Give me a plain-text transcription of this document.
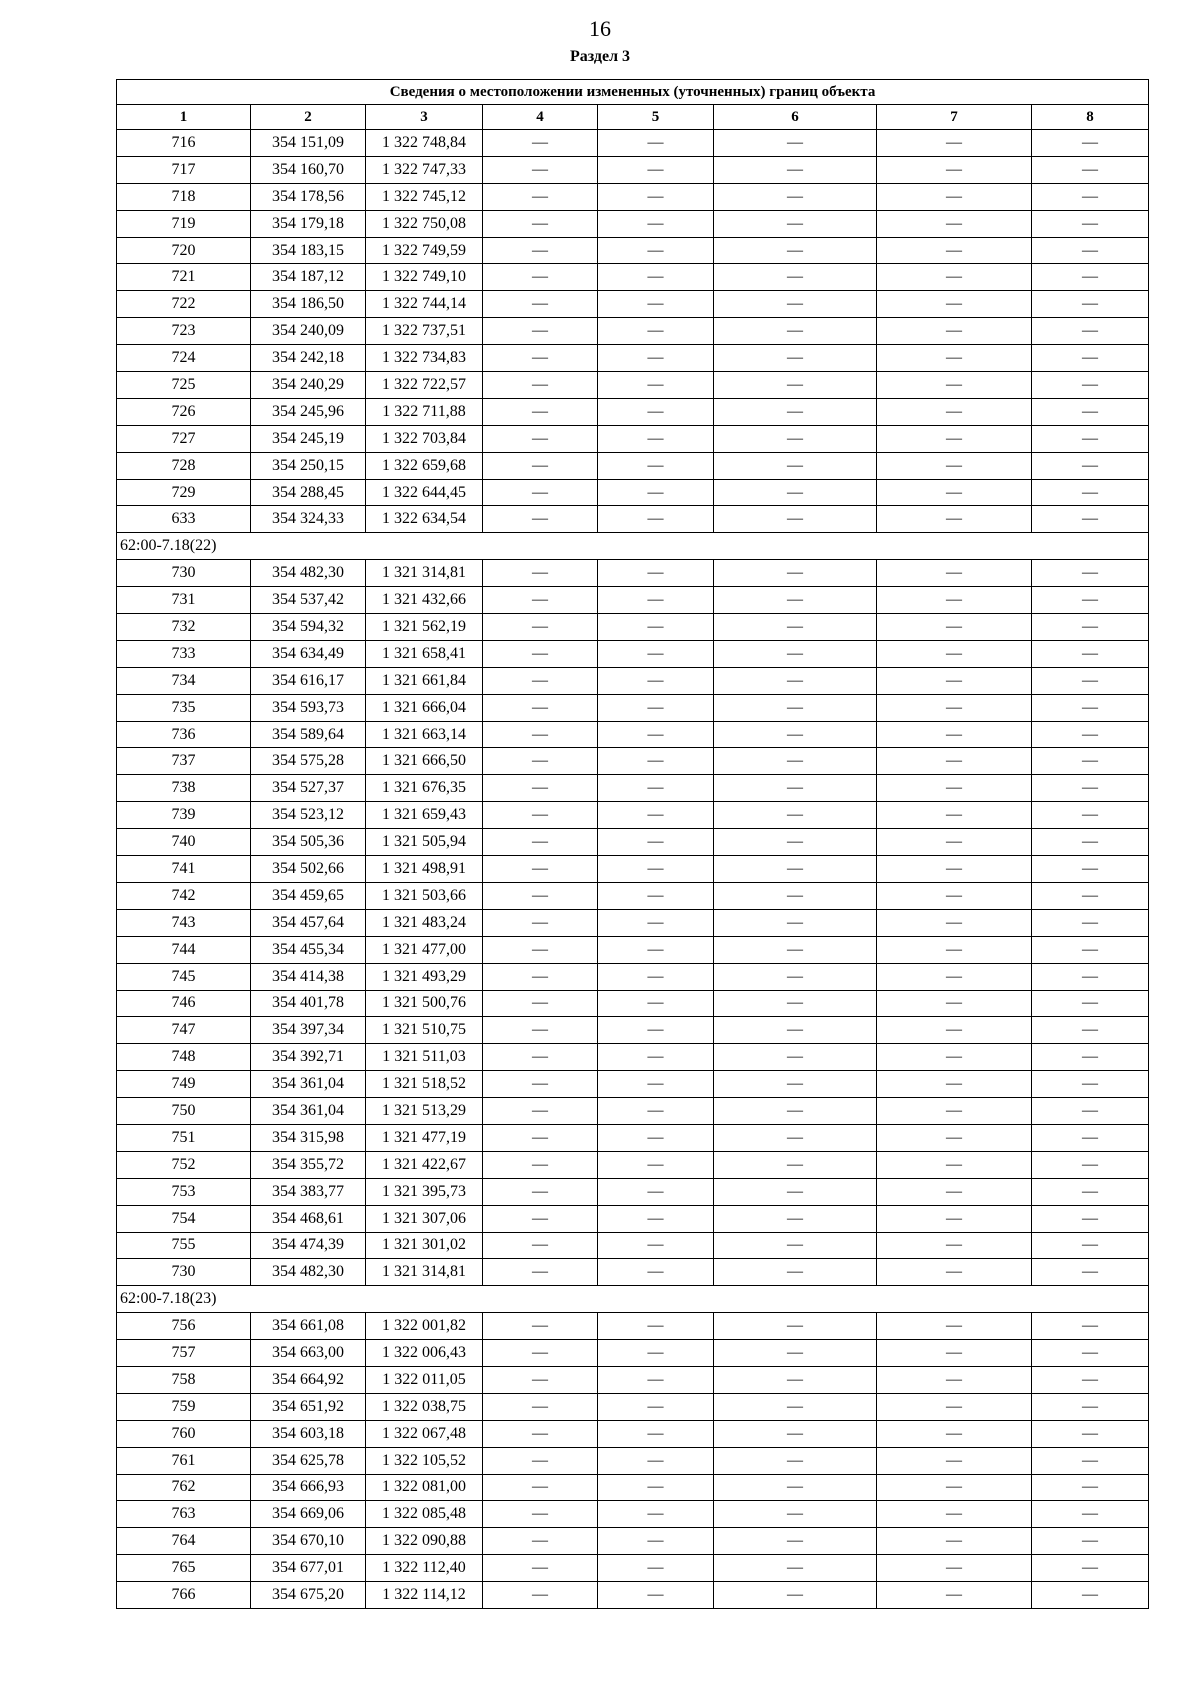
16
Раздел 3
Сведения о местоположении измененных (уточненных) границ объекта							
1	2	3	4	5	6	7	8
716	354 151,09	1 322 748,84	—	—	—	—	—
717	354 160,70	1 322 747,33	—	—	—	—	—
718	354 178,56	1 322 745,12	—	—	—	—	—
719	354 179,18	1 322 750,08	—	—	—	—	—
720	354 183,15	1 322 749,59	—	—	—	—	—
721	354 187,12	1 322 749,10	—	—	—	—	—
722	354 186,50	1 322 744,14	—	—	—	—	—
723	354 240,09	1 322 737,51	—	—	—	—	—
724	354 242,18	1 322 734,83	—	—	—	—	—
725	354 240,29	1 322 722,57	—	—	—	—	—
726	354 245,96	1 322 711,88	—	—	—	—	—
727	354 245,19	1 322 703,84	—	—	—	—	—
728	354 250,15	1 322 659,68	—	—	—	—	—
729	354 288,45	1 322 644,45	—	—	—	—	—
633	354 324,33	1 322 634,54	—	—	—	—	—
62:00-7.18(22)							
730	354 482,30	1 321 314,81	—	—	—	—	—
731	354 537,42	1 321 432,66	—	—	—	—	—
732	354 594,32	1 321 562,19	—	—	—	—	—
733	354 634,49	1 321 658,41	—	—	—	—	—
734	354 616,17	1 321 661,84	—	—	—	—	—
735	354 593,73	1 321 666,04	—	—	—	—	—
736	354 589,64	1 321 663,14	—	—	—	—	—
737	354 575,28	1 321 666,50	—	—	—	—	—
738	354 527,37	1 321 676,35	—	—	—	—	—
739	354 523,12	1 321 659,43	—	—	—	—	—
740	354 505,36	1 321 505,94	—	—	—	—	—
741	354 502,66	1 321 498,91	—	—	—	—	—
742	354 459,65	1 321 503,66	—	—	—	—	—
743	354 457,64	1 321 483,24	—	—	—	—	—
744	354 455,34	1 321 477,00	—	—	—	—	—
745	354 414,38	1 321 493,29	—	—	—	—	—
746	354 401,78	1 321 500,76	—	—	—	—	—
747	354 397,34	1 321 510,75	—	—	—	—	—
748	354 392,71	1 321 511,03	—	—	—	—	—
749	354 361,04	1 321 518,52	—	—	—	—	—
750	354 361,04	1 321 513,29	—	—	—	—	—
751	354 315,98	1 321 477,19	—	—	—	—	—
752	354 355,72	1 321 422,67	—	—	—	—	—
753	354 383,77	1 321 395,73	—	—	—	—	—
754	354 468,61	1 321 307,06	—	—	—	—	—
755	354 474,39	1 321 301,02	—	—	—	—	—
730	354 482,30	1 321 314,81	—	—	—	—	—
62:00-7.18(23)							
756	354 661,08	1 322 001,82	—	—	—	—	—
757	354 663,00	1 322 006,43	—	—	—	—	—
758	354 664,92	1 322 011,05	—	—	—	—	—
759	354 651,92	1 322 038,75	—	—	—	—	—
760	354 603,18	1 322 067,48	—	—	—	—	—
761	354 625,78	1 322 105,52	—	—	—	—	—
762	354 666,93	1 322 081,00	—	—	—	—	—
763	354 669,06	1 322 085,48	—	—	—	—	—
764	354 670,10	1 322 090,88	—	—	—	—	—
765	354 677,01	1 322 112,40	—	—	—	—	—
766	354 675,20	1 322 114,12	—	—	—	—	—
